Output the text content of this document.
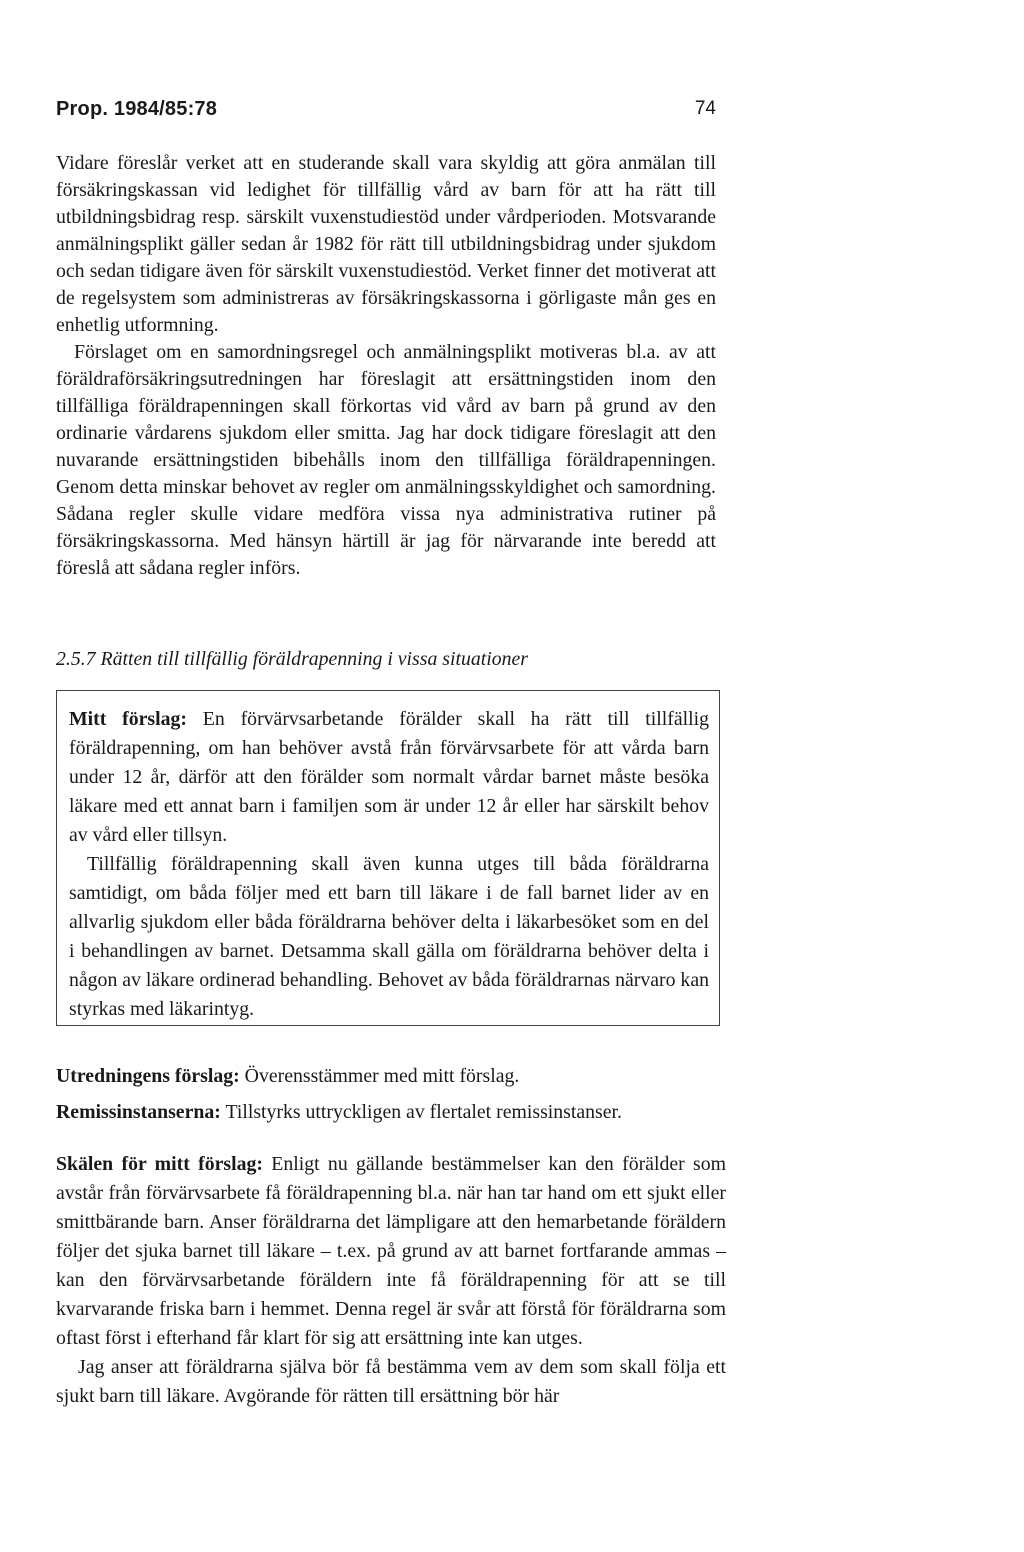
Prop. 1984/85:78	74

Vidare föreslår verket att en studerande skall vara skyldig att göra anmälan till försäkringskassan vid ledighet för tillfällig vård av barn för att ha rätt till utbildningsbidrag resp. särskilt vuxenstudiestöd under vårdperioden. Motsvarande anmälningsplikt gäller sedan år 1982 för rätt till utbildningsbidrag under sjukdom och sedan tidigare även för särskilt vuxenstudiestöd. Verket finner det motiverat att de regelsystem som administreras av försäkringskassorna i görligaste mån ges en enhetlig utformning.

Förslaget om en samordningsregel och anmälningsplikt motiveras bl.a. av att föräldraförsäkringsutredningen har föreslagit att ersättningstiden inom den tillfälliga föräldrapenningen skall förkortas vid vård av barn på grund av den ordinarie vårdarens sjukdom eller smitta. Jag har dock tidigare föreslagit att den nuvarande ersättningstiden bibehålls inom den tillfälliga föräldrapenningen. Genom detta minskar behovet av regler om anmälningsskyldighet och samordning. Sådana regler skulle vidare medföra vissa nya administrativa rutiner på försäkringskassorna. Med hänsyn härtill är jag för närvarande inte beredd att föreslå att sådana regler införs.

2.5.7 Rätten till tillfällig föräldrapenning i vissa situationer

Mitt förslag: En förvärvsarbetande förälder skall ha rätt till tillfällig föräldrapenning, om han behöver avstå från förvärvsarbete för att vårda barn under 12 år, därför att den förälder som normalt vårdar barnet måste besöka läkare med ett annat barn i familjen som är under 12 år eller har särskilt behov av vård eller tillsyn.

Tillfällig föräldrapenning skall även kunna utges till båda föräldrarna samtidigt, om båda följer med ett barn till läkare i de fall barnet lider av en allvarlig sjukdom eller båda föräldrarna behöver delta i läkarbesöket som en del i behandlingen av barnet. Detsamma skall gälla om föräldrarna behöver delta i någon av läkare ordinerad behandling. Behovet av båda föräldrarnas närvaro kan styrkas med läkarintyg.

Utredningens förslag: Överensstämmer med mitt förslag.

Remissinstanserna: Tillstyrks uttryckligen av flertalet remissinstanser.

Skälen för mitt förslag: Enligt nu gällande bestämmelser kan den förälder som avstår från förvärvsarbete få föräldrapenning bl.a. när han tar hand om ett sjukt eller smittbärande barn. Anser föräldrarna det lämpligare att den hemarbetande föräldern följer det sjuka barnet till läkare – t.ex. på grund av att barnet fortfarande ammas – kan den förvärvsarbetande föräldern inte få föräldrapenning för att se till kvarvarande friska barn i hemmet. Denna regel är svår att förstå för föräldrarna som oftast först i efterhand får klart för sig att ersättning inte kan utges.

Jag anser att föräldrarna själva bör få bestämma vem av dem som skall följa ett sjukt barn till läkare. Avgörande för rätten till ersättning bör här
